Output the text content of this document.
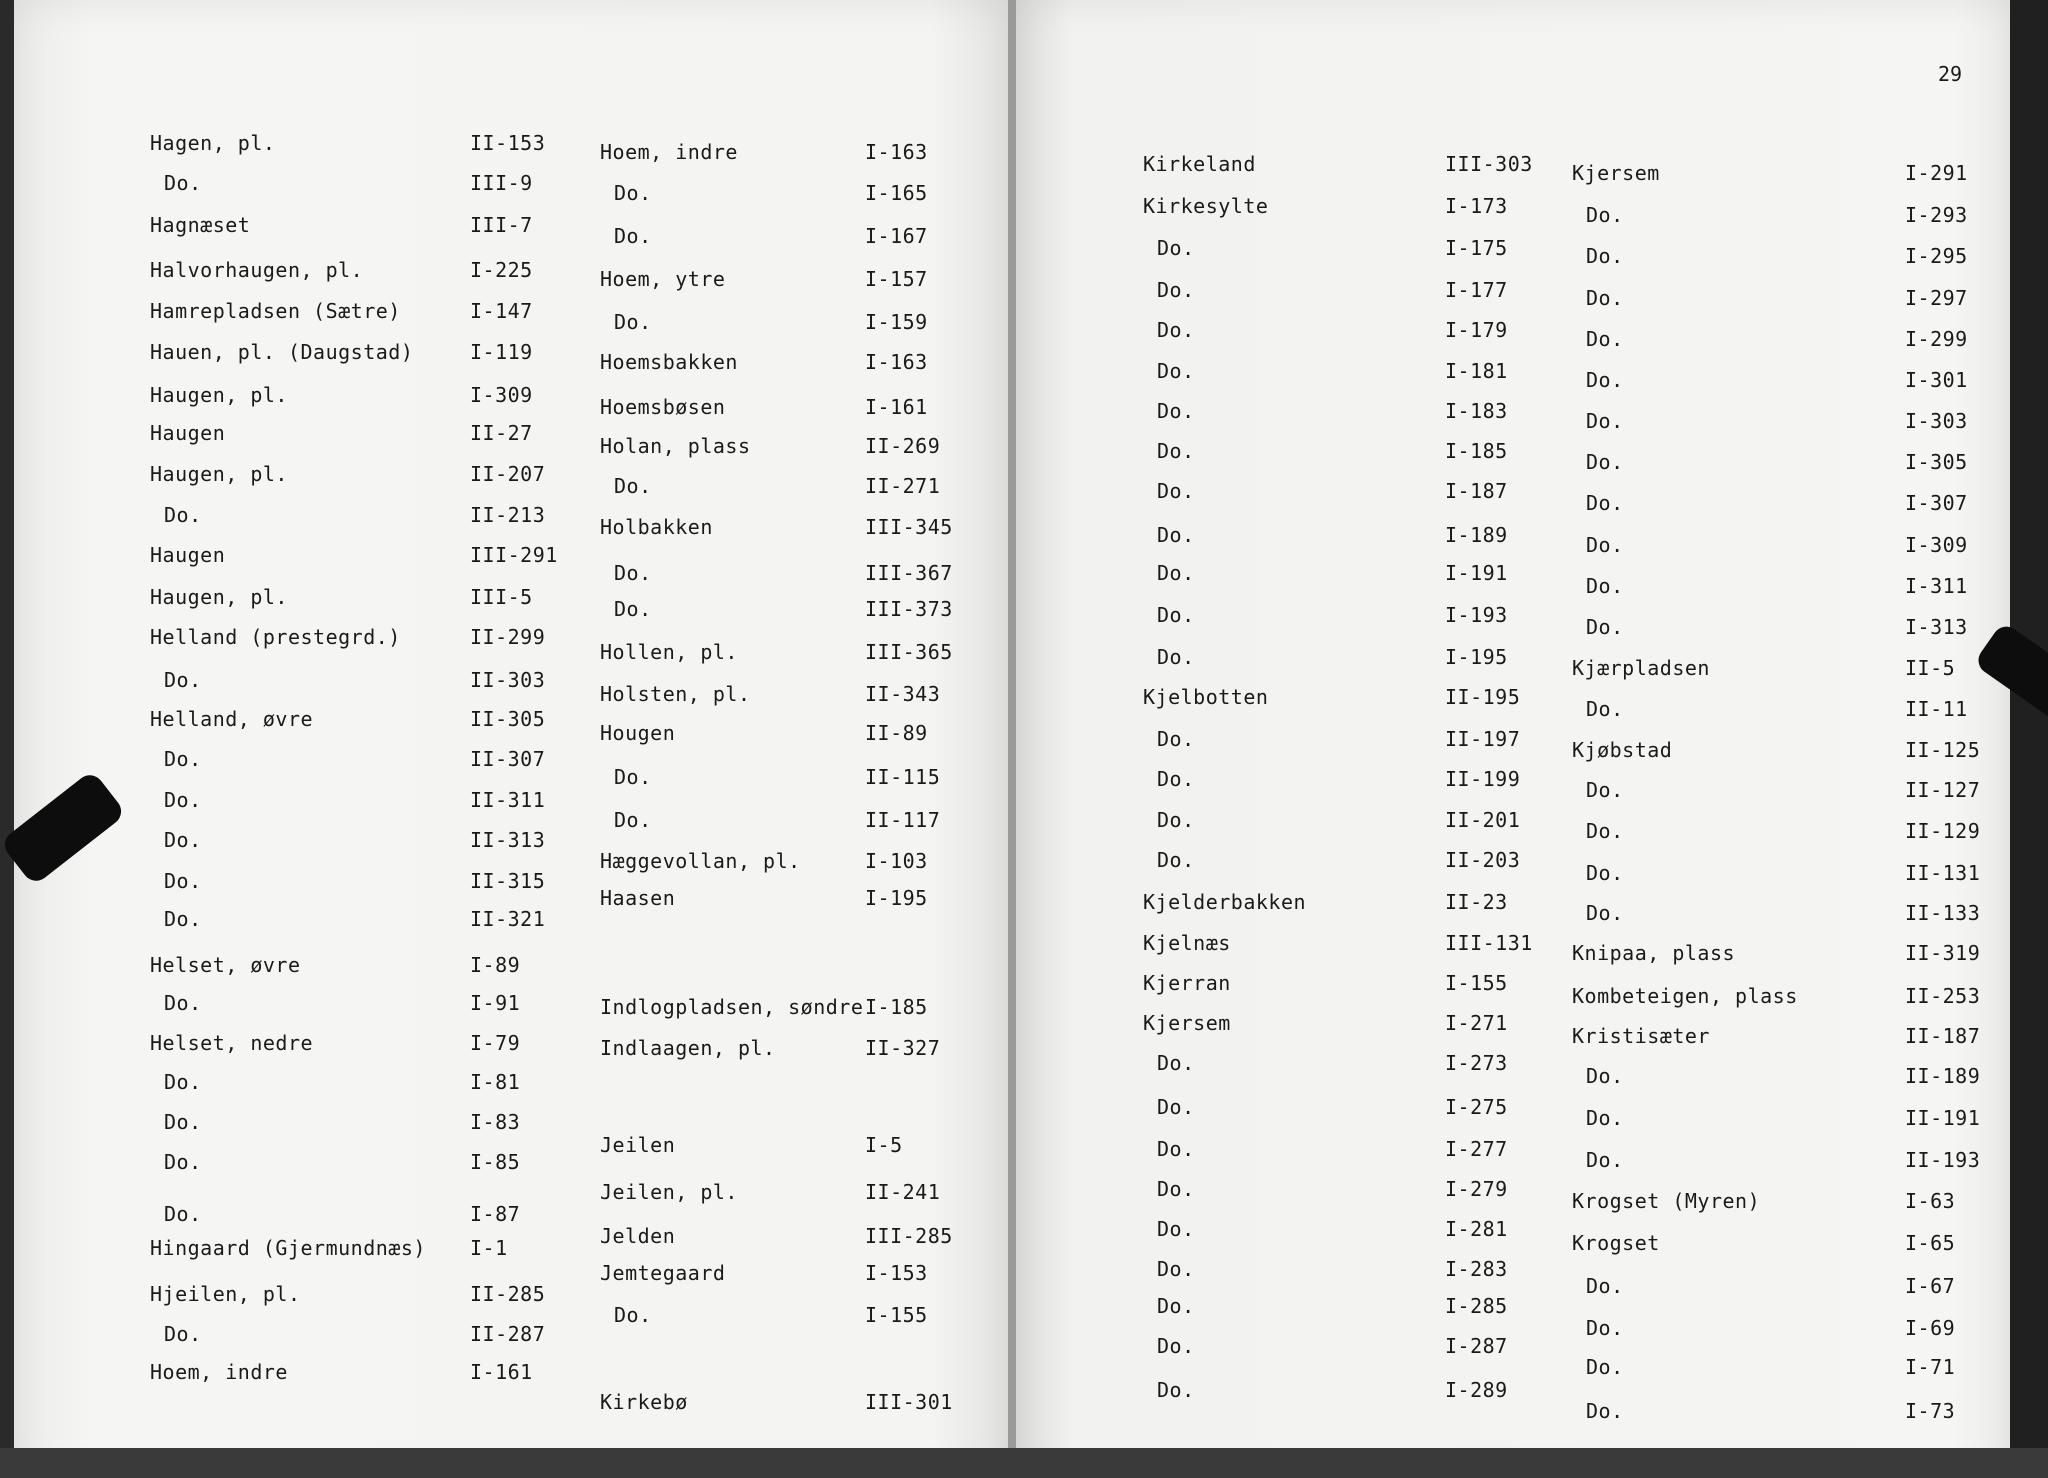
29
Hagen, pl.	II-153
Do.	III-9
Hagnæset	III-7
Halvorhaugen, pl.	I-225
Hamrepladsen (Sætre)	I-147
Hauen, pl. (Daugstad)	I-119
Haugen, pl.	I-309
Haugen	II-27
Haugen, pl.	II-207
Do.	II-213
Haugen	III-291
Haugen, pl.	III-5
Helland (prestegrd.)	II-299
Do.	II-303
Helland, øvre	II-305
Do.	II-307
Do.	II-311
Do.	II-313
Do.	II-315
Do.	II-321
Helset, øvre	I-89
Do.	I-91
Helset, nedre	I-79
Do.	I-81
Do.	I-83
Do.	I-85
Do.	I-87
Hingaard (Gjermundnæs) I-1
Hjeilen, pl.	II-285
Do.	II-287
Hoem, indre	I-161
Hoem, indre	I-163
Do.	I-165
Do.	I-167
Hoem, ytre	I-157
Do.	I-159
Hoemsbakken	I-163
Hoemsbøsen	I-161
Holan, plass	II-269
Do.	II-271
Holbakken	III-345
Do.	III-367
Do.	III-373
Hollen, pl.	III-365
Holsten, pl.	II-343
Hougen	II-89
Do.	II-115
Do.	II-117
Hæggevollan, pl.	I-103
Haasen	I-195
Indlogpladsen, søndre I-185
Indlaagen, pl.	II-327
Jeilen	I-5
Jeilen, pl.	II-241
Jelden	III-285
Jemtegaard	I-153
Do.	I-155
Kirkebø	III-301
Kirkeland	III-303
Kirkesylte	I-173
Do.	I-175
Do.	I-177
Do.	I-179
Do.	I-181
Do.	I-183
Do.	I-185
Do.	I-187
Do.	I-189
Do.	I-191
Do.	I-193
Do.	I-195
Kjelbotten	II-195
Do.	II-197
Do.	II-199
Do.	II-201
Do.	II-203
Kjelderbakken	II-23
Kjelnæs	III-131
Kjerran	I-155
Kjersem	I-271
Do.	I-273
Do.	I-275
Do.	I-277
Do.	I-279
Do.	I-281
Do.	I-283
Do.	I-285
Do.	I-287
Do.	I-289
Kjersem	I-291
Do.	I-293
Do.	I-295
Do.	I-297
Do.	I-299
Do.	I-301
Do.	I-303
Do.	I-305
Do.	I-307
Do.	I-309
Do.	I-311
Do.	I-313
Kjærpladsen	II-5
Do.	II-11
Kjøbstad	II-125
Do.	II-127
Do.	II-129
Do.	II-131
Do.	II-133
Knipaa, plass	II-319
Kombeteigen, plass	II-253
Kristisæter	II-187
Do.	II-189
Do.	II-191
Do.	II-193
Krogset (Myren)	I-63
Krogset	I-65
Do.	I-67
Do.	I-69
Do.	I-71
Do.	I-73
